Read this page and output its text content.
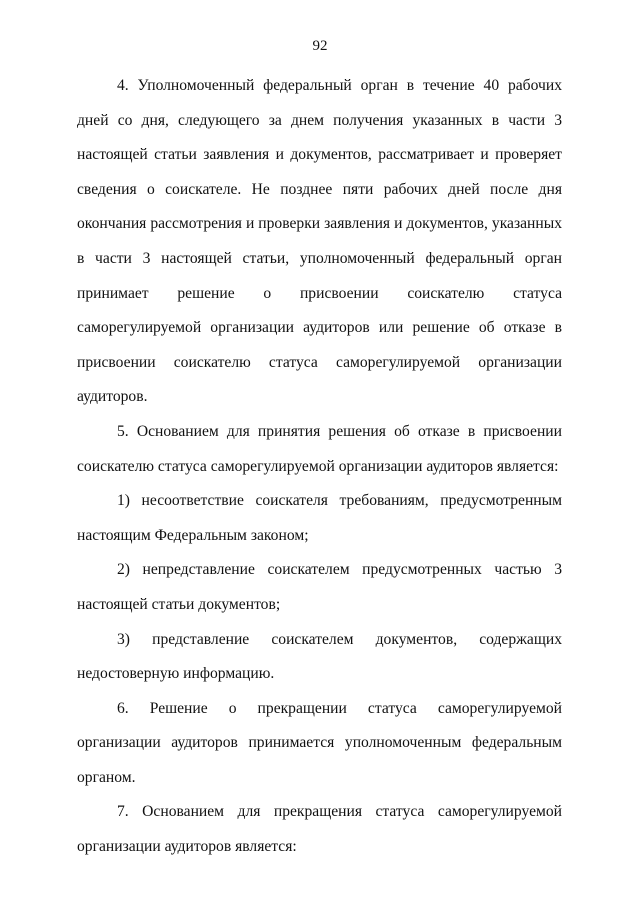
92

4. Уполномоченный федеральный орган в течение 40 рабочих дней со дня, следующего за днем получения указанных в части 3 настоящей статьи заявления и документов, рассматривает и проверяет сведения о соискателе. Не позднее пяти рабочих дней после дня окончания рассмотрения и проверки заявления и документов, указанных в части 3 настоящей статьи, уполномоченный федеральный орган принимает решение о присвоении соискателю статуса саморегулируемой организации аудиторов или решение об отказе в присвоении соискателю статуса саморегулируемой организации аудиторов.

5. Основанием для принятия решения об отказе в присвоении соискателю статуса саморегулируемой организации аудиторов является:

1) несоответствие соискателя требованиям, предусмотренным настоящим Федеральным законом;

2) непредставление соискателем предусмотренных частью 3 настоящей статьи документов;

3) представление соискателем документов, содержащих недостоверную информацию.

6. Решение о прекращении статуса саморегулируемой организации аудиторов принимается уполномоченным федеральным органом.

7. Основанием для прекращения статуса саморегулируемой организации аудиторов является:
